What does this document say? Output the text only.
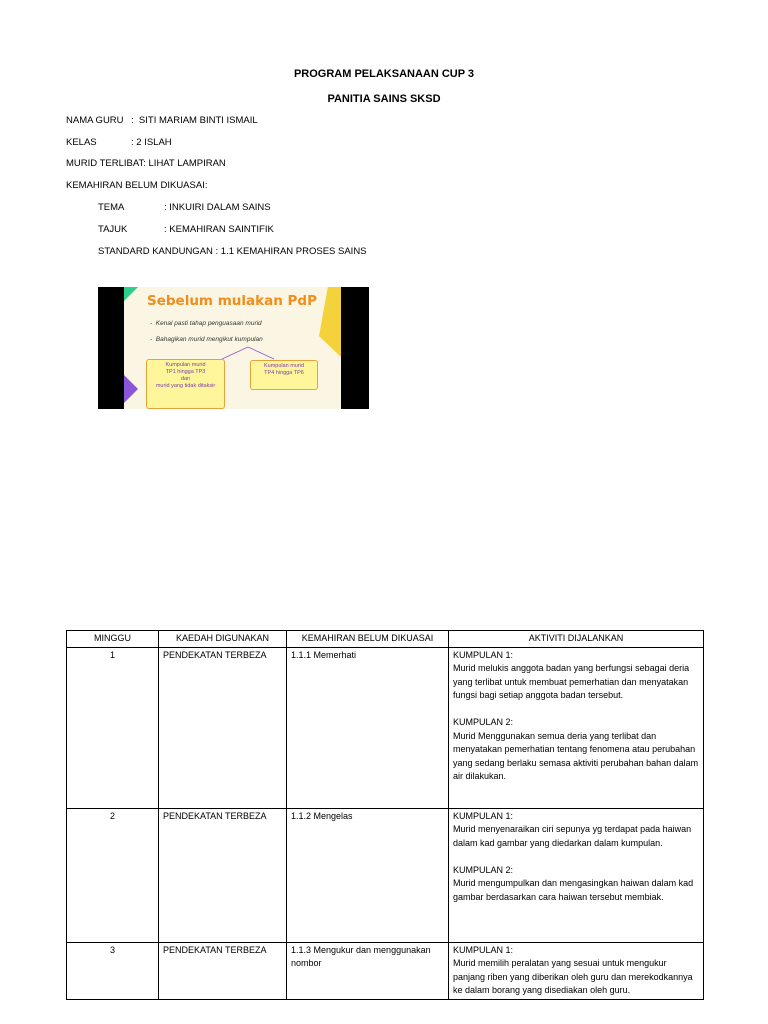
PROGRAM PELAKSANAAN CUP 3
PANITIA SAINS SKSD
NAMA GURU :  SITI MARIAM BINTI ISMAIL
KELAS	: 2 ISLAH
MURID TERLIBAT: LIHAT LAMPIRAN
KEMAHIRAN BELUM DIKUASAI:
TEMA	: INKUIRI DALAM SAINS
TAJUK	: KEMAHIRAN SAINTIFIK
STANDARD KANDUNGAN : 1.1 KEMAHIRAN PROSES SAINS
Sebelum mulakan PdP
-  Kenal pasti tahap penguasaan murid
-  Bahagikan murid mengikut kumpulan
Kumpulan murid
TP1 hingga TP3
dan
murid yang tidak ditaksir
Kumpulan murid
TP4 hingga TP6
MINGGU	KAEDAH DIGUNAKAN	KEMAHIRAN BELUM DIKUASAI	AKTIVITI DIJALANKAN
1	PENDEKATAN TERBEZA	1.1.1 Memerhati	KUMPULAN 1:
Murid melukis anggota badan yang berfungsi sebagai deria yang terlibat untuk membuat pemerhatian dan menyatakan fungsi bagi setiap anggota badan tersebut.

KUMPULAN 2:
Murid Menggunakan semua deria yang terlibat dan menyatakan pemerhatian tentang fenomena atau perubahan yang sedang berlaku semasa aktiviti perubahan bahan dalam air dilakukan.
2	PENDEKATAN TERBEZA	1.1.2 Mengelas	KUMPULAN 1:
Murid menyenaraikan ciri sepunya yg terdapat pada haiwan dalam kad gambar yang diedarkan dalam kumpulan.

KUMPULAN 2:
Murid mengumpulkan dan mengasingkan haiwan dalam kad gambar berdasarkan cara haiwan tersebut membiak.
3	PENDEKATAN TERBEZA	1.1.3 Mengukur dan menggunakan nombor	KUMPULAN 1:
Murid memilih peralatan yang sesuai untuk mengukur panjang riben yang diberikan oleh guru dan merekodkannya ke dalam borang yang disediakan oleh guru.
